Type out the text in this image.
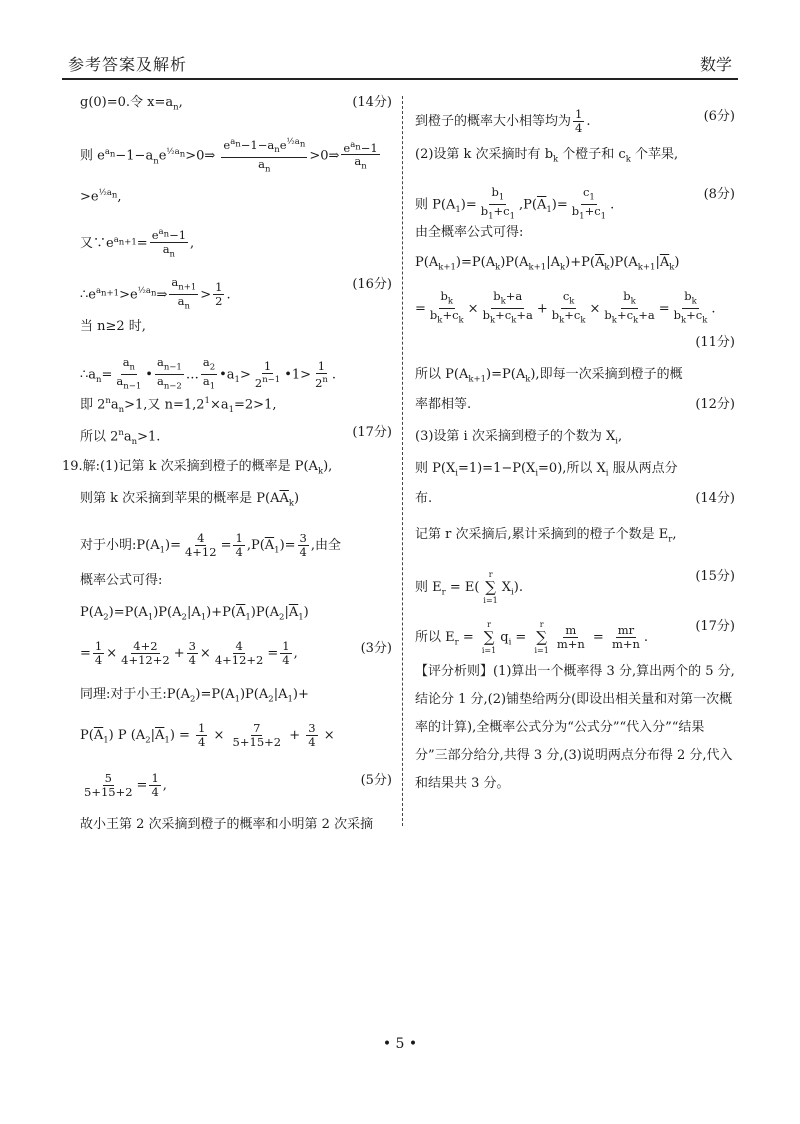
参考答案及解析	数学
g(0)=0.令 $x=a_n$,	(14分)
则 $e^{a_n}-1-a_ne^{\frac{1}{2}a_n}>0\Rightarrow \frac{e^{a_n}-1-a_ne^{\frac{1}{2}a_n}}{a_n}$ >0⇒ $\frac{e^{a_n}-1}{a_n}$
$>e^{\frac{1}{2}a_n}$,
又$\because e^{a_{n+1}}= \frac{e^{a_n}-1}{a_n}$ ,
$\therefore e^{a_{n+1}}>e^{\frac{1}{2}a_n}\Rightarrow \frac{a_{n+1}}{a_n} > \frac{1}{2}$ .
(16分)
当 n≥2 时,
$\therefore a_n= \frac{a_n}{a_{n-1}}$ • $\frac{a_{n-1}}{a_{n-2}}$ … $\frac{a_2}{a_1}$ $•a_1> \frac{1}{2^{n-1}}$ •1> $\frac{1}{2^n}$ .
即 $2^na_n>1$,又 $n=1,2^1\times a_1=2>1$,
所以 $2^na_n>1$.	(17分)
19.解:(1)记第 k 次采摘到橙子的概率是 $P(A_k)$,
则第 k 次采摘到苹果的概率是 $P(A\overline{A}_k)$
对于小明$:P(A_1)= \frac{4}{4+12} = \frac{1}{4} ,P(\overline{A}_1)= \frac{3}{4}$ ,由全
概率公式可得:
$P(A_2)=P(A_1)P(A_2|A_1)+P(\overline{A}_1)P(A_2|\overline{A}_1)$
= $\frac{1}{4} \times \frac{4+2}{4+12+2} + \frac{3}{4} \times \frac{4}{4+12+2} = \frac{1}{4}$ ,	(3分)
同理:对于小王$:P(A_2)=P(A_1)P(A_2|A_1)+$
$P(\overline{A}_1)$ P $(A_2|\overline{A}_1) = \frac{1}{4} \times \frac{7}{5+15+2} + \frac{3}{4}$ ×
$\frac{5}{5+15+2} = \frac{1}{4}$ ,	(5分)
故小王第 2 次采摘到橙子的概率和小明第 2 次采摘
到橙子的概率大小相等均为 $\frac{1}{4}$ .	(6分)
(2)设第 k 次采摘时有 $b_k$ 个橙子和 $c_k$ 个苹果,
则 $P(A_1)= \frac{b_1}{b_1+c_1} ,P(\overline{A}_1)= \frac{c_1}{b_1+c_1}$ .
(8分)
由全概率公式可得:
$P(A_{k+1})=P(A_k)P(A_{k+1}|A_k)+P(\overline{A}_k)P(A_{k+1}|\overline{A}_k)$
= $\frac{b_k}{b_k+c_k} \times \frac{b_k+a}{b_k+c_k+a} + \frac{c_k}{b_k+c_k} \times \frac{b_k}{b_k+c_k+a} = \frac{b_k}{b_k+c_k}$ .
(11分)
所以 $P(A_{k+1})=P(A_k)$,即每一次采摘到橙子的概
率都相等.	(12分)
(3)设第 i 次采摘到橙子的个数为 $X_i$,
则 $P(X_i=1)=1-P(X_i=0)$,所以 $X_i$ 服从两点分
布.	(14分)
记第 r 次采摘后,累计采摘到的橙子个数是 $E_r$,
则 $E_r = E$(
r
∑
i=1
$X_i$).
(15分)
所以 $E_r$ =
r
∑
i=1
$q_i$ =
r
∑
$i=1 \frac{m}{m+n} = \frac{mr}{m+n}$ .
(17分)
【评分析则】(1)算出一个概率得 3 分,算出两个的 5 分,结论分 1 分,(2)铺垫给两分(即设出相关量和对第一次概率的计算),全概率公式分为“公式分”“代入分”“结果分”三部分给分,共得 3 分,(3)说明两点分布得 2 分,代入和结果共 3 分。
• 5 •
